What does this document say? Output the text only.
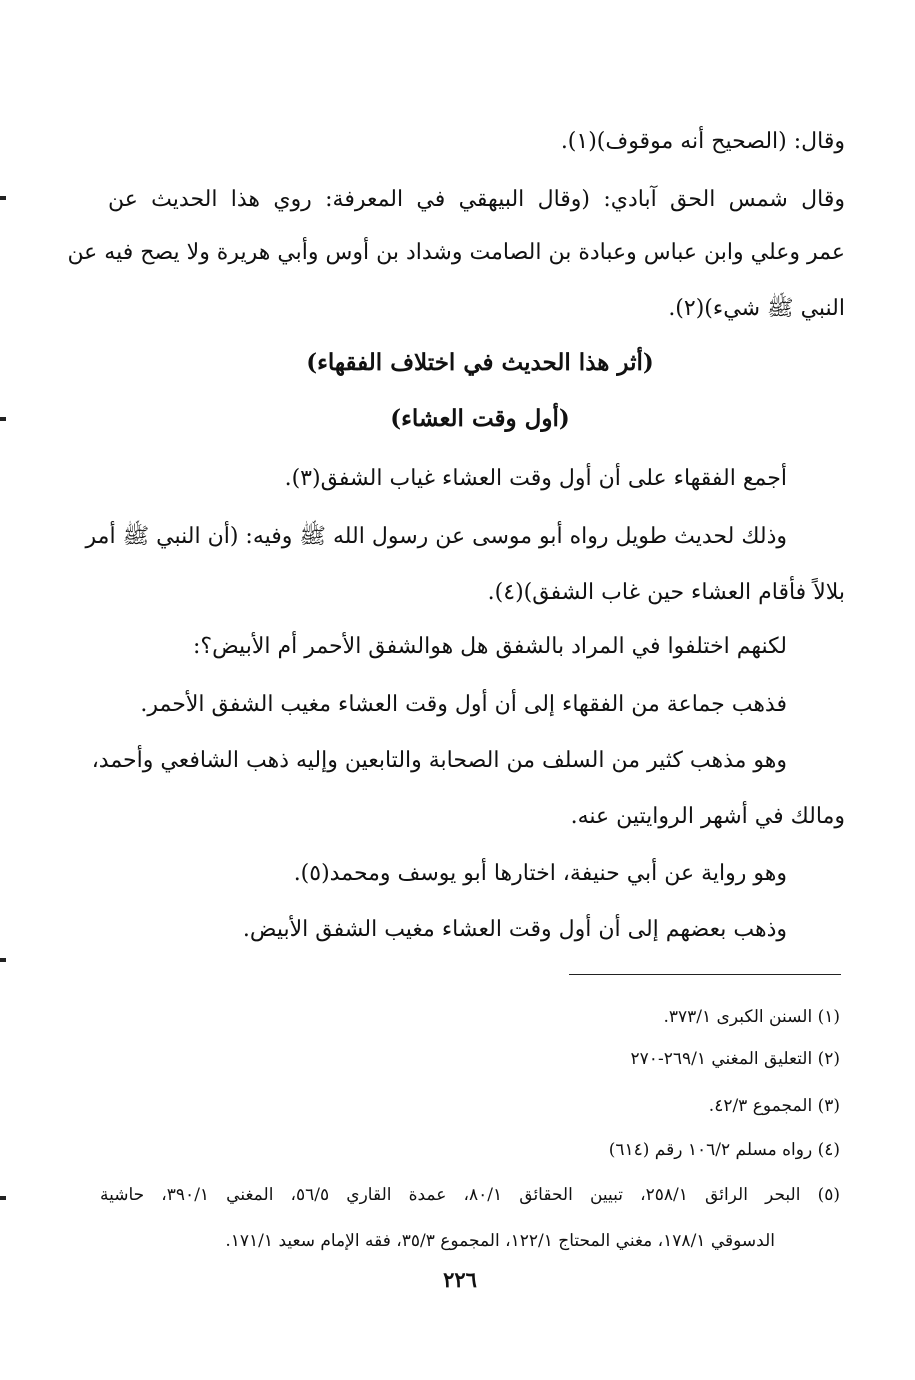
وقال: (الصحيح أنه موقوف)(١).
وقال شمس الحق آبادي: (وقال البيهقي في المعرفة: روي هذا الحديث عن
عمر وعلي وابن عباس وعبادة بن الصامت وشداد بن أوس وأبي هريرة ولا يصح فيه عن
النبي ﷺ شيء)(٢).
(أثر هذا الحديث في اختلاف الفقهاء)
(أول وقت العشاء)
أجمع الفقهاء على أن أول وقت العشاء غياب الشفق(٣).
وذلك لحديث طويل رواه أبو موسى عن رسول الله ﷺ وفيه: (أن النبي ﷺ أمر
بلالاً فأقام العشاء حين غاب الشفق)(٤).
لكنهم اختلفوا في المراد بالشفق هل هوالشفق الأحمر أم الأبيض؟:
فذهب جماعة من الفقهاء إلى أن أول وقت العشاء مغيب الشفق الأحمر.
وهو مذهب كثير من السلف من الصحابة والتابعين وإليه ذهب الشافعي وأحمد،
ومالك في أشهر الروايتين عنه.
وهو رواية عن أبي حنيفة، اختارها أبو يوسف ومحمد(٥).
وذهب بعضهم إلى أن أول وقت العشاء مغيب الشفق الأبيض.
(١) السنن الكبرى ٣٧٣/١.
(٢) التعليق المغني ٢٦٩/١-٢٧٠
(٣) المجموع ٤٢/٣.
(٤) رواه مسلم ١٠٦/٢ رقم (٦١٤)
(٥) البحر الرائق ٢٥٨/١، تبيين الحقائق ٨٠/١، عمدة القاري ٥٦/٥، المغني ٣٩٠/١، حاشية
الدسوقي ١٧٨/١، مغني المحتاج ١٢٢/١، المجموع ٣٥/٣، فقه الإمام سعيد ١٧١/١.
٢٢٦
